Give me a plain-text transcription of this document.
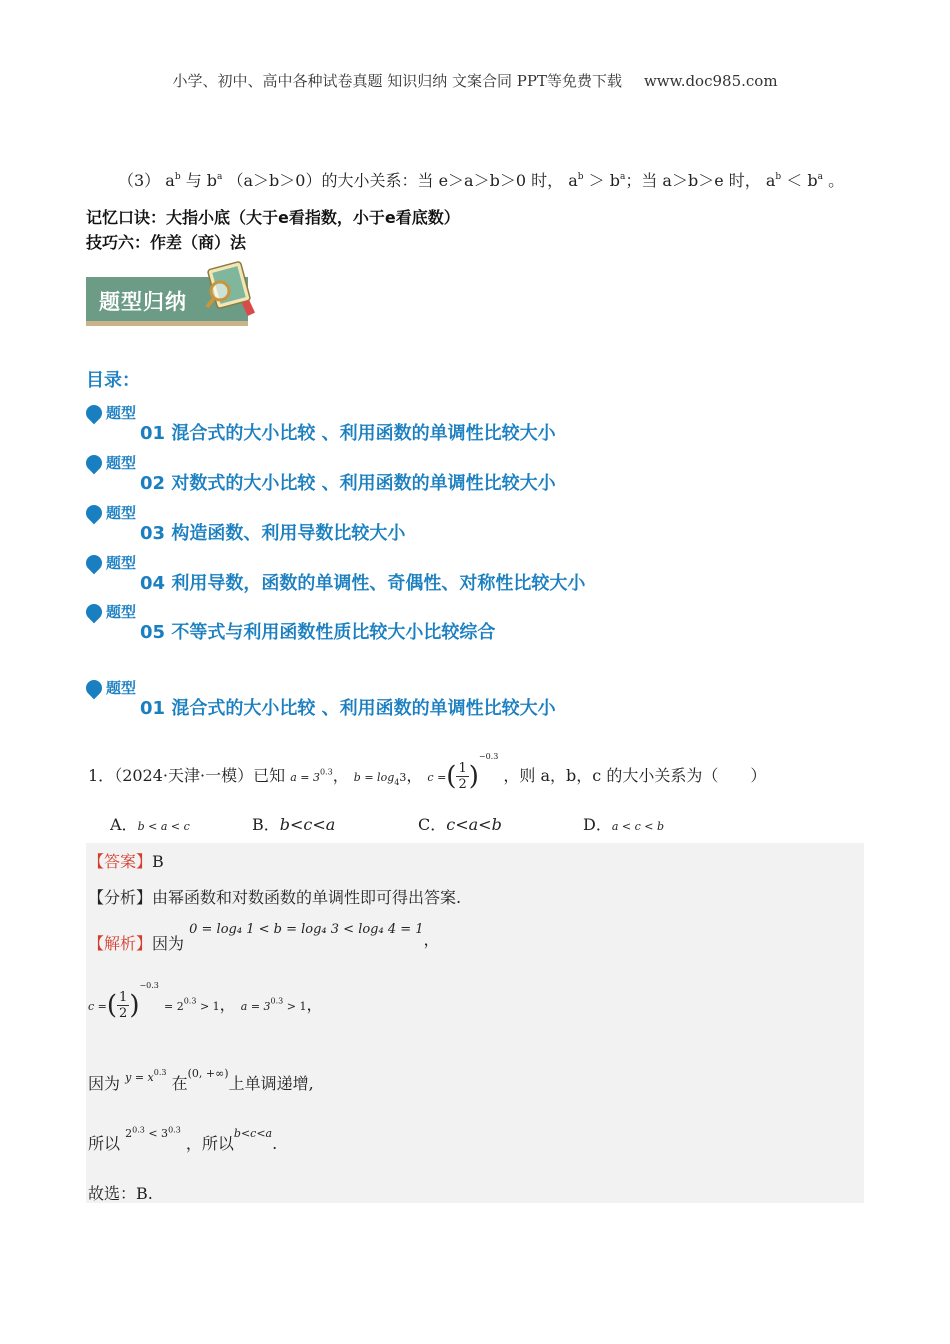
小学、初中、高中各种试卷真题 知识归纳 文案合同 PPT等免费下载 www.doc985.com
（3） $a^b$ 与 $b^a$ （a＞b＞0）的大小关系：当 e＞a＞b＞0 时， $a^b > b^a$；当 a＞b＞e 时， $a^b < b^a$ 。
记忆口诀：大指小底（大于e看指数，小于e看底数）
技巧六：作差（商）法
题型归纳
目录：
题型
01 混合式的大小比较 、利用函数的单调性比较大小
题型
02 对数式的大小比较 、利用函数的单调性比较大小
题型
03 构造函数、利用导数比较大小
题型
04 利用导数，函数的单调性、奇偶性、对称性比较大小
题型
05 不等式与利用函数性质比较大小比较综合
题型
01 混合式的大小比较 、利用函数的单调性比较大小
1．（2024·天津·一模）已知 $a = 3^{0.3}$， $b = \log_43$， c =( $\frac{1}{2} )^{-0.3}$ ，则 a，b，c 的大小关系为（　　）
A．b < a < c	B．b<c<a	C．c<a<b	D．a < c < b
【答案】B
【分析】由幂函数和对数函数的单调性即可得出答案.
【解析】因为 $^{0 = log_4 1 < b = log_4 3 < log_4 4 = 1}$，
c =( $\frac{1}{2} )^{-0.3} = 2^{0.3} > 1$， $a = 3^{0.3} > 1$，
因为 $^{y = x0.3}$ 在$^{(0, +\infty)}$上单调递增,
所以 $^{2^{0.3} < 3^{0.3}}$ ，所以$^{b<c<a}$.
故选：B.
